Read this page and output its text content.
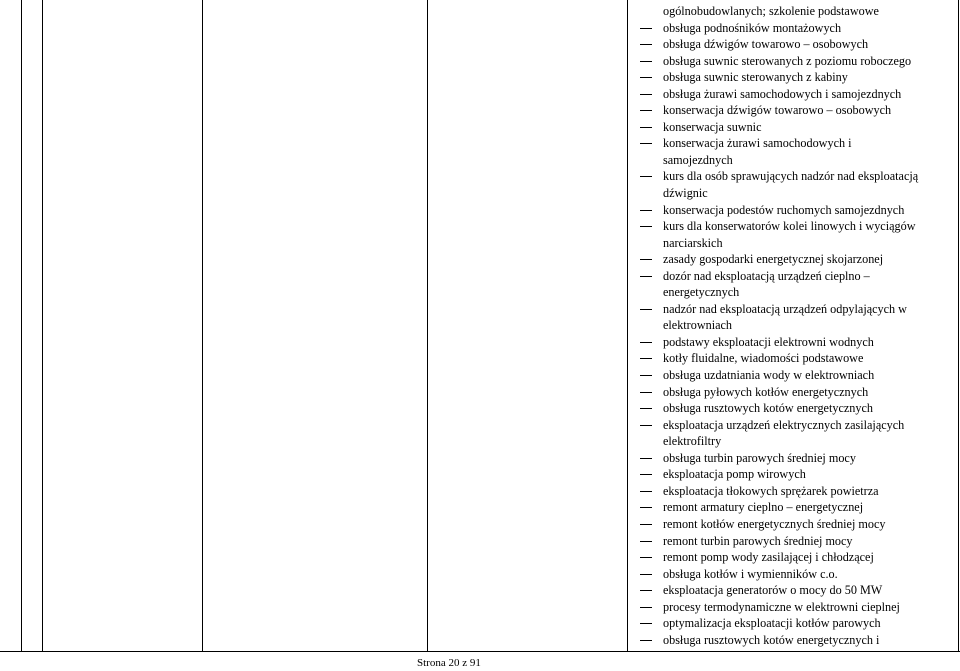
ogólnobudowlanych; szkolenie podstawowe
obsługa podnośników montażowych
obsługa dźwigów towarowo – osobowych
obsługa suwnic sterowanych z poziomu roboczego
obsługa suwnic sterowanych z kabiny
obsługa żurawi samochodowych i samojezdnych
konserwacja dźwigów towarowo – osobowych
konserwacja suwnic
konserwacja żurawi samochodowych i
samojezdnych
kurs dla osób sprawujących nadzór nad eksploatacją
dźwignic
konserwacja podestów ruchomych samojezdnych
kurs dla konserwatorów kolei linowych i wyciągów
narciarskich
zasady gospodarki energetycznej skojarzonej
dozór nad eksploatacją urządzeń cieplno –
energetycznych
nadzór nad eksploatacją urządzeń odpylających w
elektrowniach
podstawy eksploatacji elektrowni wodnych
kotły fluidalne, wiadomości podstawowe
obsługa uzdatniania wody w elektrowniach
obsługa pyłowych kotłów energetycznych
obsługa rusztowych kotów energetycznych
eksploatacja urządzeń elektrycznych zasilających
elektrofiltry
obsługa turbin parowych średniej mocy
eksploatacja pomp wirowych
eksploatacja tłokowych sprężarek powietrza
remont armatury cieplno – energetycznej
remont kotłów energetycznych średniej mocy
remont turbin parowych średniej mocy
remont pomp wody zasilającej i chłodzącej
obsługa kotłów i wymienników c.o.
eksploatacja generatorów o mocy do 50 MW
procesy termodynamiczne w elektrowni cieplnej
optymalizacja eksploatacji kotłów parowych
obsługa rusztowych kotów energetycznych i
Strona 20 z 91
